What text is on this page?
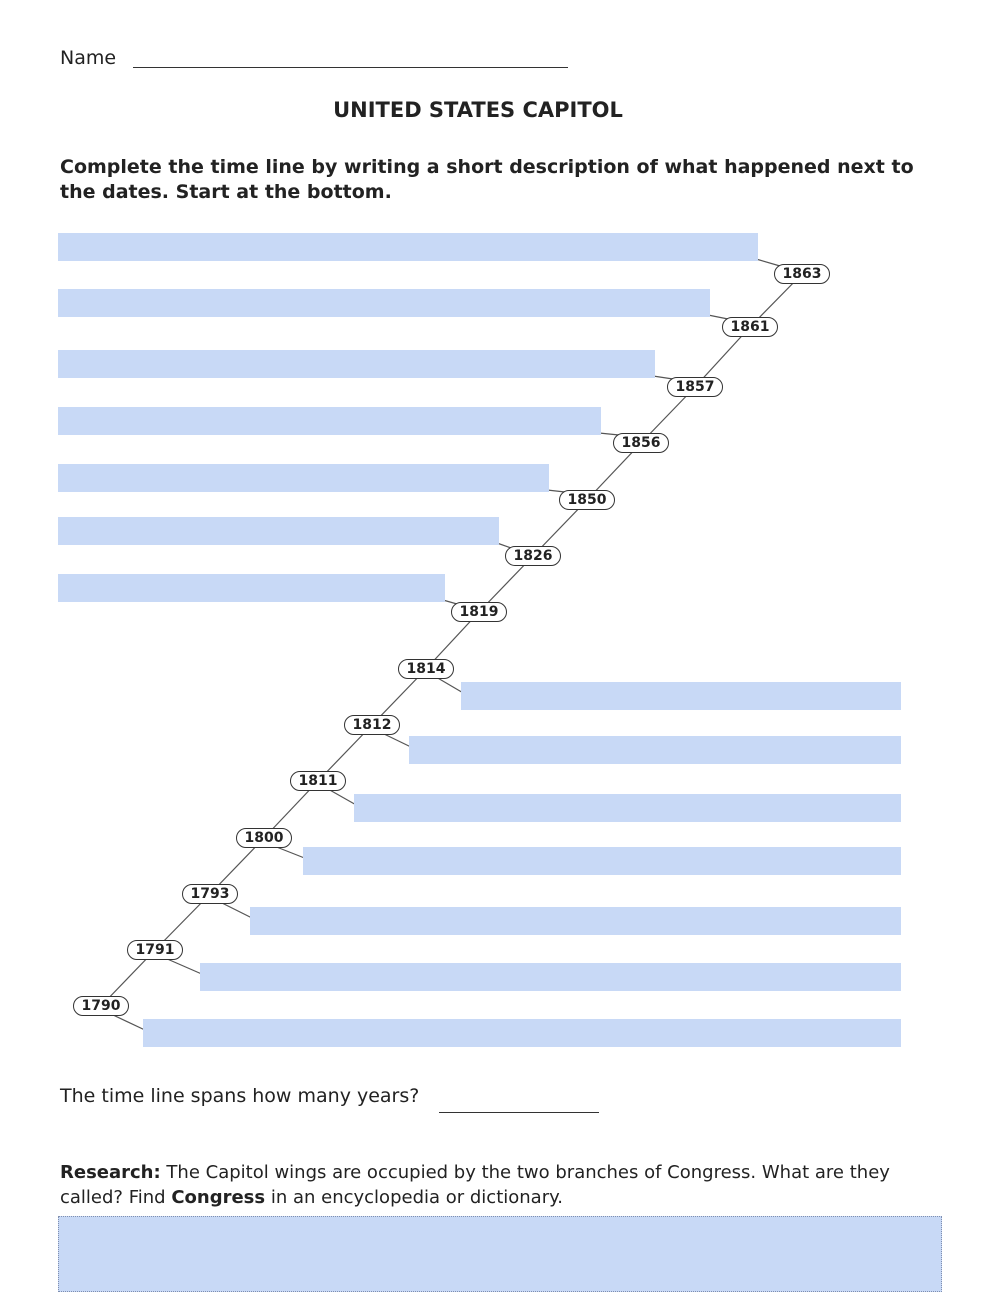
Name
UNITED STATES CAPITOL
Complete the time line by writing a short description of what happened next to the dates. Start at the bottom.
1790
1791
1793
1800
1811
1812
1814
1819
1826
1850
1856
1857
1861
1863
The time line spans how many years?
Research: The Capitol wings are occupied by the two branches of Congress. What are they called? Find Congress in an encyclopedia or dictionary.
